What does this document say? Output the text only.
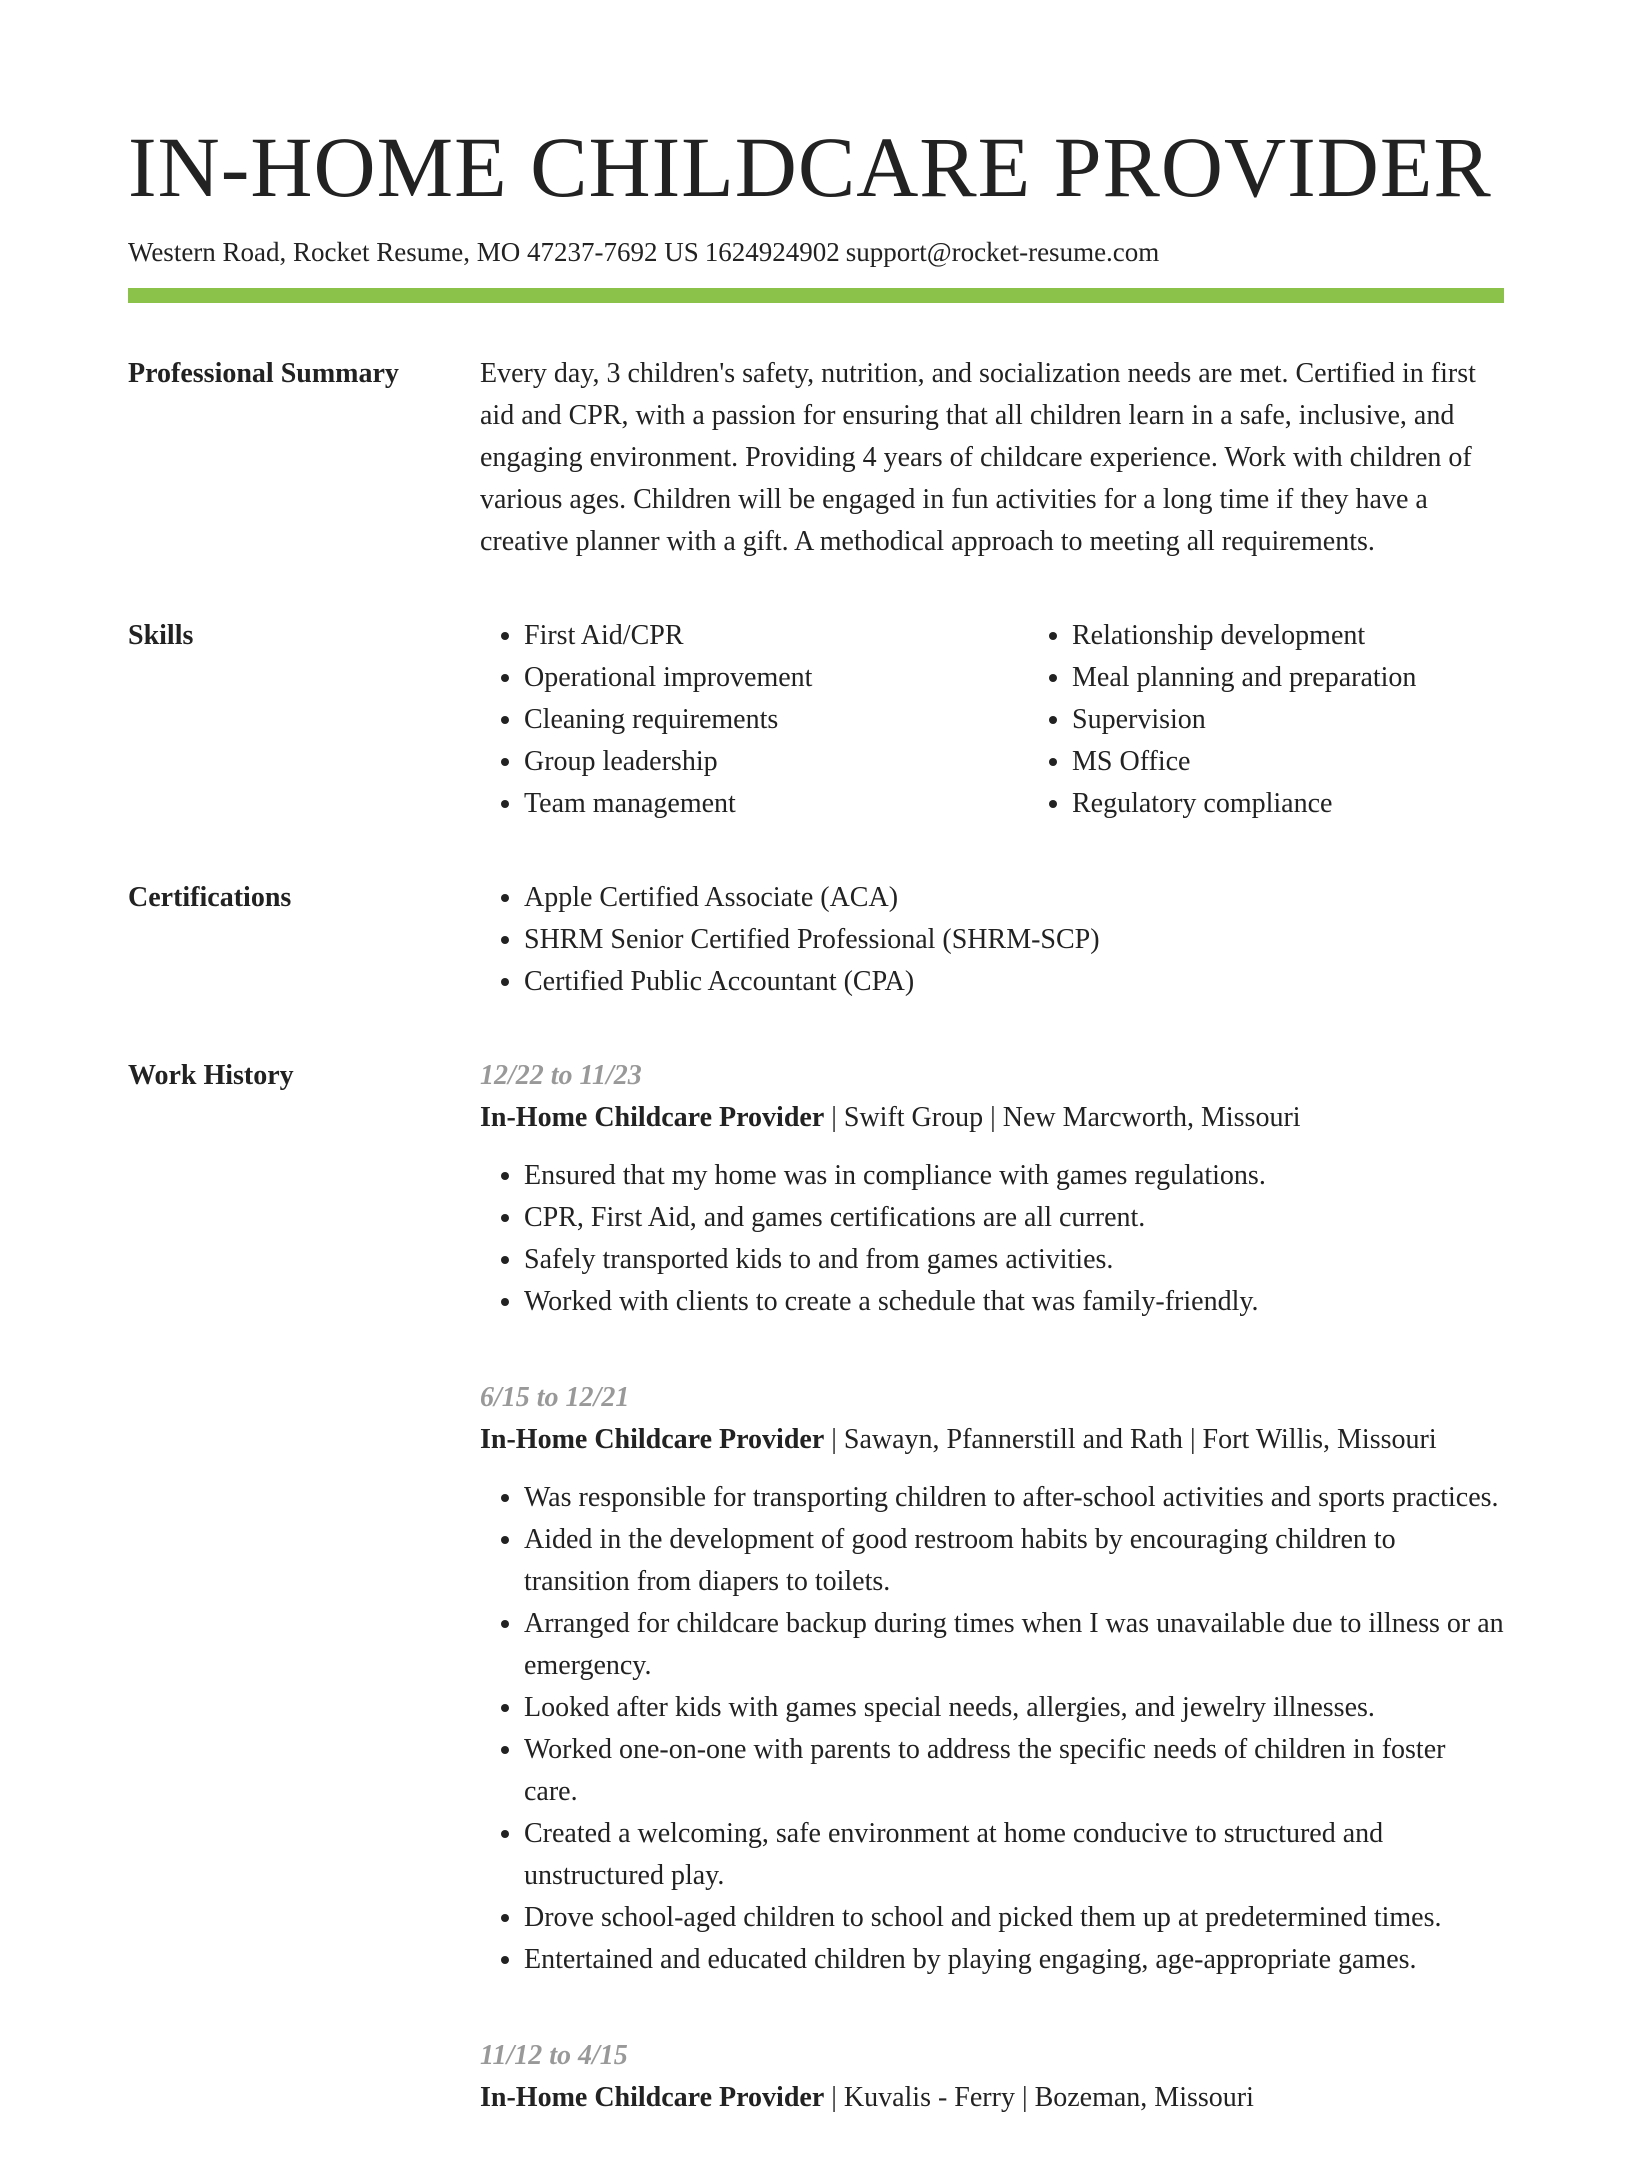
IN-HOME CHILDCARE PROVIDER
Western Road, Rocket Resume, MO 47237-7692 US 1624924902 support@rocket-resume.com
Professional Summary	Every day, 3 children's safety, nutrition, and socialization needs are met. Certified in first aid and CPR, with a passion for ensuring that all children learn in a safe, inclusive, and engaging environment. Providing 4 years of childcare experience. Work with children of various ages. Children will be engaged in fun activities for a long time if they have a creative planner with a gift. A methodical approach to meeting all requirements.

Skills	• First Aid/CPR
• Operational improvement
• Cleaning requirements
• Group leadership
• Team management
• Relationship development
• Meal planning and preparation
• Supervision
• MS Office
• Regulatory compliance
Certifications	• Apple Certified Associate (ACA)
• SHRM Senior Certified Professional (SHRM-SCP)
• Certified Public Accountant (CPA)
Work History	12/22 to 11/23
In-Home Childcare Provider | Swift Group | New Marcworth, Missouri
• Ensured that my home was in compliance with games regulations.
• CPR, First Aid, and games certifications are all current.
• Safely transported kids to and from games activities.
• Worked with clients to create a schedule that was family-friendly.
6/15 to 12/21
In-Home Childcare Provider | Sawayn, Pfannerstill and Rath | Fort Willis, Missouri
• Was responsible for transporting children to after-school activities and sports practices.
• Aided in the development of good restroom habits by encouraging children to transition from diapers to toilets.
• Arranged for childcare backup during times when I was unavailable due to illness or an emergency.
• Looked after kids with games special needs, allergies, and jewelry illnesses.
• Worked one-on-one with parents to address the specific needs of children in foster care.
• Created a welcoming, safe environment at home conducive to structured and unstructured play.
• Drove school-aged children to school and picked them up at predetermined times.
• Entertained and educated children by playing engaging, age-appropriate games.
11/12 to 4/15
In-Home Childcare Provider | Kuvalis - Ferry | Bozeman, Missouri
